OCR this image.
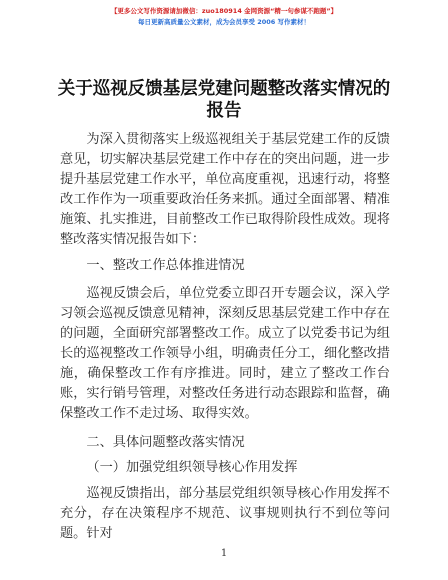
【更多公文写作资源请加微信：zuo180914 金网资源“精一句参谋不跑题”】
每日更新高质量公文素材，成为会员享受 2006 写作素材！
关于巡视反馈基层党建问题整改落实情况的报告
为深入贯彻落实上级巡视组关于基层党建工作的反馈意见，切实解决基层党建工作中存在的突出问题，进一步提升基层党建工作水平，单位高度重视，迅速行动，将整改工作作为一项重要政治任务来抓。通过全面部署、精准施策、扎实推进，目前整改工作已取得阶段性成效。现将整改落实情况报告如下：
一、整改工作总体推进情况
巡视反馈会后，单位党委立即召开专题会议，深入学习领会巡视反馈意见精神，深刻反思基层党建工作中存在的问题，全面研究部署整改工作。成立了以党委书记为组长的巡视整改工作领导小组，明确责任分工，细化整改措施，确保整改工作有序推进。同时，建立了整改工作台账，实行销号管理，对整改任务进行动态跟踪和监督，确保整改工作不走过场、取得实效。
二、具体问题整改落实情况
（一）加强党组织领导核心作用发挥
巡视反馈指出，部分基层党组织领导核心作用发挥不充分，存在决策程序不规范、议事规则执行不到位等问题。针对
1
